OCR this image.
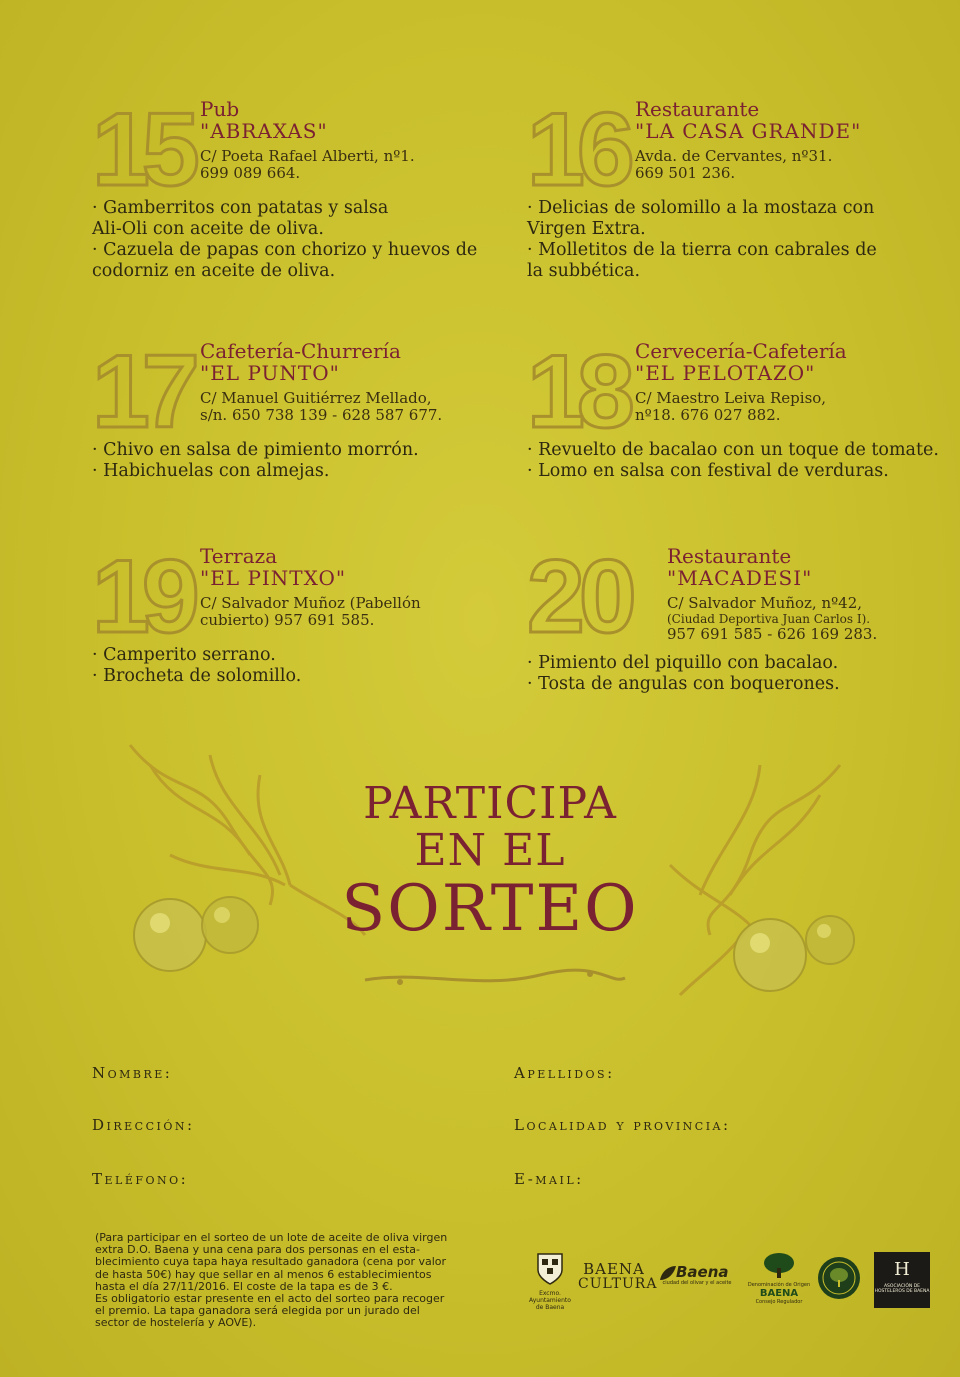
15 Pub
"ABRAXAS"
C/ Poeta Rafael Alberti, nº1.
699 089 664.
· Gamberritos con patatas y salsa
Ali-Oli con aceite de oliva.
· Cazuela de papas con chorizo y huevos de
codorniz en aceite de oliva.
16 Restaurante
"LA CASA GRANDE"
Avda. de Cervantes, nº31.
669 501 236.
· Delicias de solomillo a la mostaza con
Virgen Extra.
· Molletitos de la tierra con cabrales de
la subbética.
17 Cafetería-Churrería
"EL PUNTO"
C/ Manuel Guitiérrez Mellado,
s/n. 650 738 139 - 628 587 677.
· Chivo en salsa de pimiento morrón.
· Habichuelas con almejas.
18 Cervecería-Cafetería
"EL PELOTAZO"
C/ Maestro Leiva Repiso,
nº18. 676 027 882.
· Revuelto de bacalao con un toque de tomate.
· Lomo en salsa con festival de verduras.
19 Terraza
"EL PINTXO"
C/ Salvador Muñoz (Pabellón
cubierto) 957 691 585.
· Camperito serrano.
· Brocheta de solomillo.
20 Restaurante
"MACADESI"
C/ Salvador Muñoz, nº42,
(Ciudad Deportiva Juan Carlos I).
957 691 585 - 626 169 283.
· Pimiento del piquillo con bacalao.
· Tosta de angulas con boquerones.
PARTICIPA
EN EL
SORTEO
Nombre:	Apellidos:
Dirección:	Localidad y provincia:
Teléfono:	E-mail:
(Para participar en el sorteo de un lote de aceite de oliva virgen
extra D.O. Baena y una cena para dos personas en el esta-
blecimiento cuya tapa haya resultado ganadora (cena por valor
de hasta 50€) hay que sellar en al menos 6 establecimientos
hasta el día 27/11/2016. El coste de la tapa es de 3 €.
Es obligatorio estar presente en el acto del sorteo para recoger
el premio. La tapa ganadora será elegida por un jurado del
sector de hostelería y AOVE).
Excmo. Ayuntamiento
de Baena
BAENA
CULTURA
Baena
ciudad del olivar y el aceite	Denominación de Origen
BAENA
Consejo Regulador
H
ASOCIACIÓN DE
HOSTELEROS DE BAENA
